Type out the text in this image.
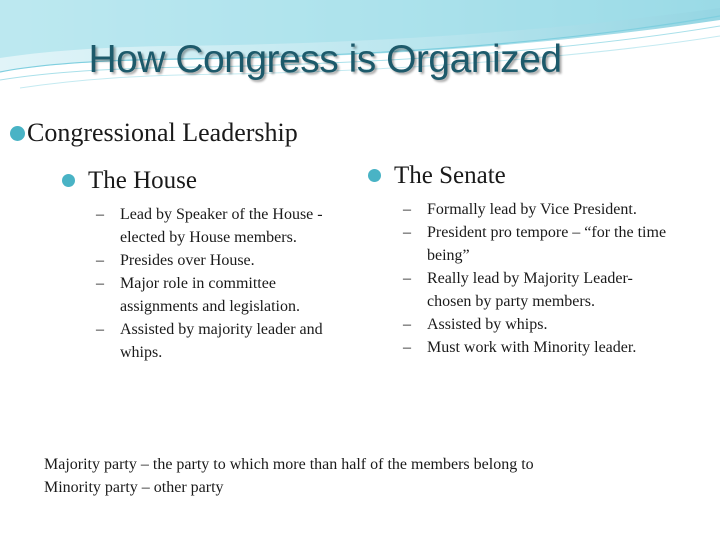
How Congress is Organized
Congressional Leadership
The House
– Lead by Speaker of the House - elected by House members.
– Presides over House.
– Major role in committee assignments and legislation.
– Assisted by majority leader and whips.
The Senate
– Formally lead by Vice President.
– President pro tempore – “for the time being”
– Really lead by Majority Leader- chosen by party members.
– Assisted by whips.
– Must work with Minority leader.
Majority party – the party to which more than half of the members belong to
Minority party – other party
